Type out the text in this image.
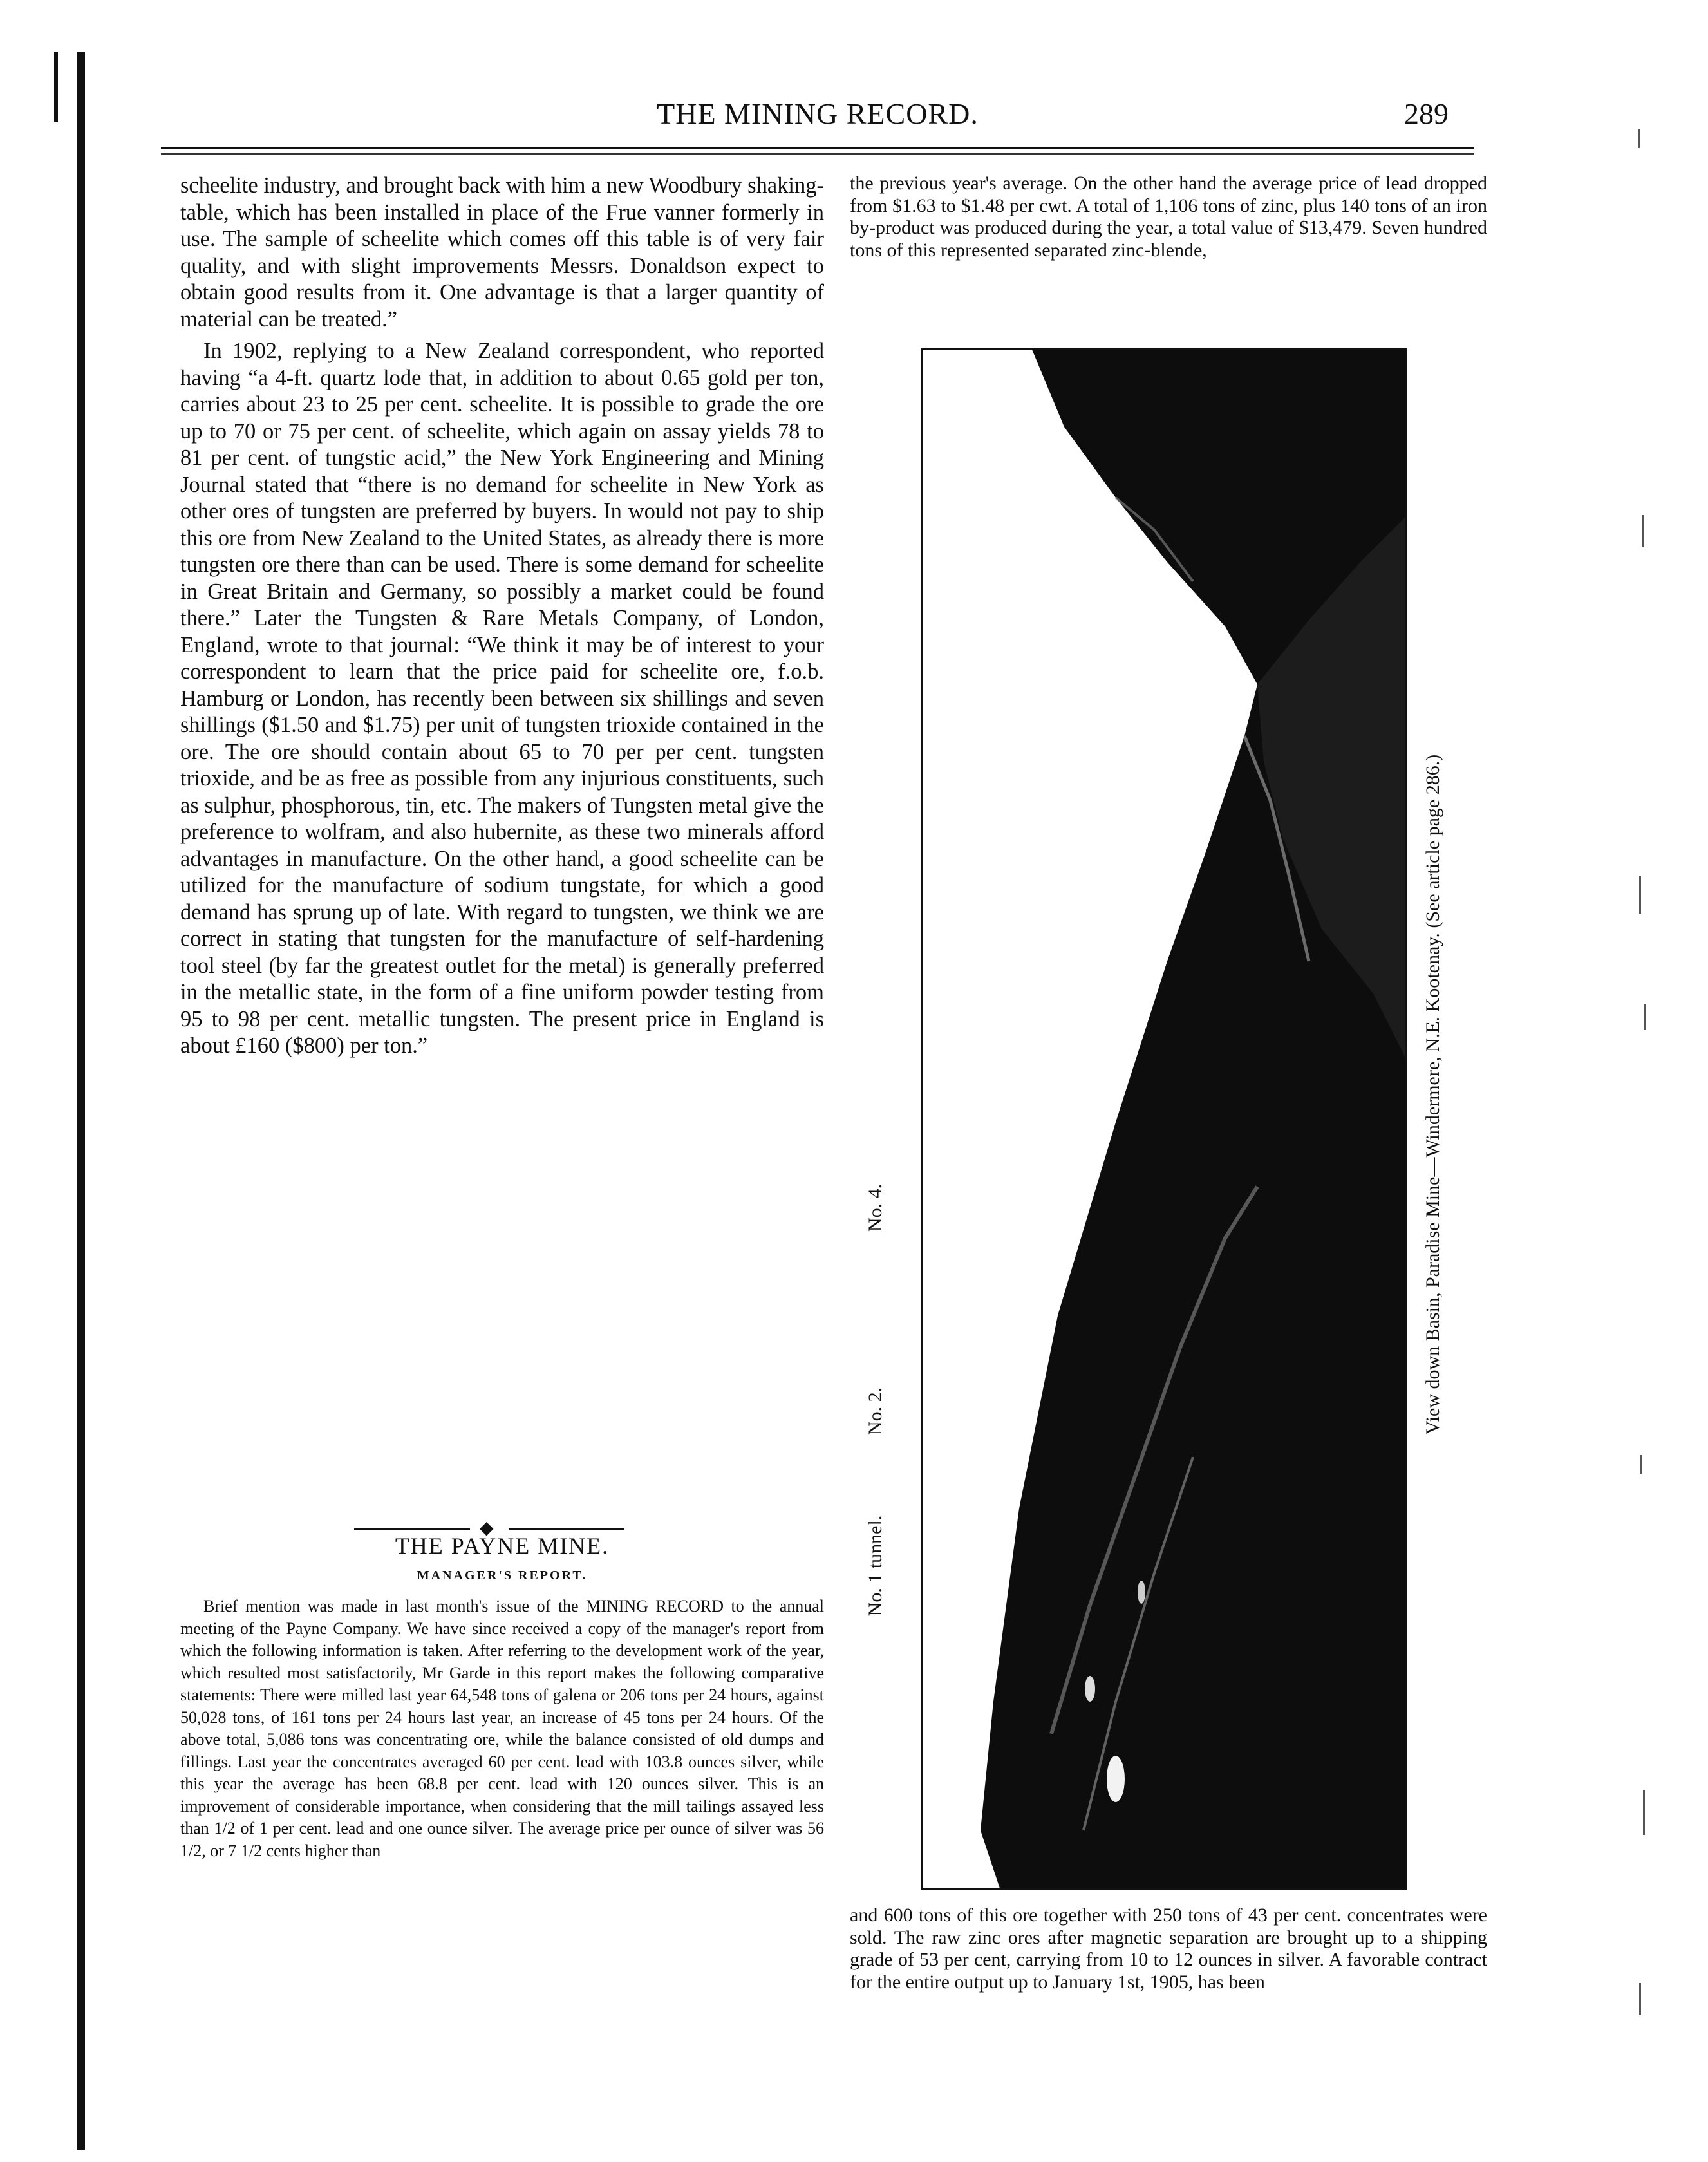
THE MINING RECORD.	289

scheelite industry, and brought back with him a new Woodbury shaking-table, which has been installed in place of the Frue vanner formerly in use. The sample of scheelite which comes off this table is of very fair quality, and with slight improvements Messrs. Donaldson expect to obtain good results from it. One advantage is that a larger quantity of material can be treated.”

In 1902, replying to a New Zealand correspondent, who reported having “a 4-ft. quartz lode that, in addition to about 0.65 gold per ton, carries about 23 to 25 per cent. scheelite. It is possible to grade the ore up to 70 or 75 per cent. of scheelite, which again on assay yields 78 to 81 per cent. of tungstic acid,” the New York Engineering and Mining Journal stated that “there is no demand for scheelite in New York as other ores of tungsten are preferred by buyers. In would not pay to ship this ore from New Zealand to the United States, as already there is more tungsten ore there than can be used. There is some demand for scheelite in Great Britain and Germany, so possibly a market could be found there.” Later the Tungsten & Rare Metals Company, of London, England, wrote to that journal: “We think it may be of interest to your correspondent to learn that the price paid for scheelite ore, f.o.b. Hamburg or London, has recently been between six shillings and seven shillings ($1.50 and $1.75) per unit of tungsten trioxide contained in the ore. The ore should contain about 65 to 70 per per cent. tungsten trioxide, and be as free as possible from any injurious constituents, such as sulphur, phosphorous, tin, etc. The makers of Tungsten metal give the preference to wolfram, and also hubernite, as these two minerals afford advantages in manufacture. On the other hand, a good scheelite can be utilized for the manufacture of sodium tungstate, for which a good demand has sprung up of late. With regard to tungsten, we think we are correct in stating that tungsten for the manufacture of self-hardening tool steel (by far the greatest outlet for the metal) is generally preferred in the metallic state, in the form of a fine uniform powder testing from 95 to 98 per cent. metallic tungsten. The present price in England is about £160 ($800) per ton.”

◆
THE PAYNE MINE.
MANAGER'S REPORT.

Brief mention was made in last month's issue of the MINING RECORD to the annual meeting of the Payne Company. We have since received a copy of the manager's report from which the following information is taken. After referring to the development work of the year, which resulted most satisfactorily, Mr Garde in this report makes the following comparative statements: There were milled last year 64,548 tons of galena or 206 tons per 24 hours, against 50,028 tons, of 161 tons per 24 hours last year, an increase of 45 tons per 24 hours. Of the above total, 5,086 tons was concentrating ore, while the balance consisted of old dumps and fillings. Last year the concentrates averaged 60 per cent. lead with 103.8 ounces silver, while this year the average has been 68.8 per cent. lead with 120 ounces silver. This is an improvement of considerable importance, when considering that the mill tailings assayed less than 1/2 of 1 per cent. lead and one ounce silver. The average price per ounce of silver was 56 1/2, or 7 1/2 cents higher than

the previous year's average. On the other hand the average price of lead dropped from $1.63 to $1.48 per cwt. A total of 1,106 tons of zinc, plus 140 tons of an iron by-product was produced during the year, a total value of $13,479. Seven hundred tons of this represented separated zinc-blende,

View down Basin, Paradise Mine—Windermere, N.E. Kootenay. (See article page 286.)
No. 1 tunnel.
No. 2.
No. 4.

and 600 tons of this ore together with 250 tons of 43 per cent. concentrates were sold. The raw zinc ores after magnetic separation are brought up to a shipping grade of 53 per cent, carrying from 10 to 12 ounces in silver. A favorable contract for the entire output up to January 1st, 1905, has been
